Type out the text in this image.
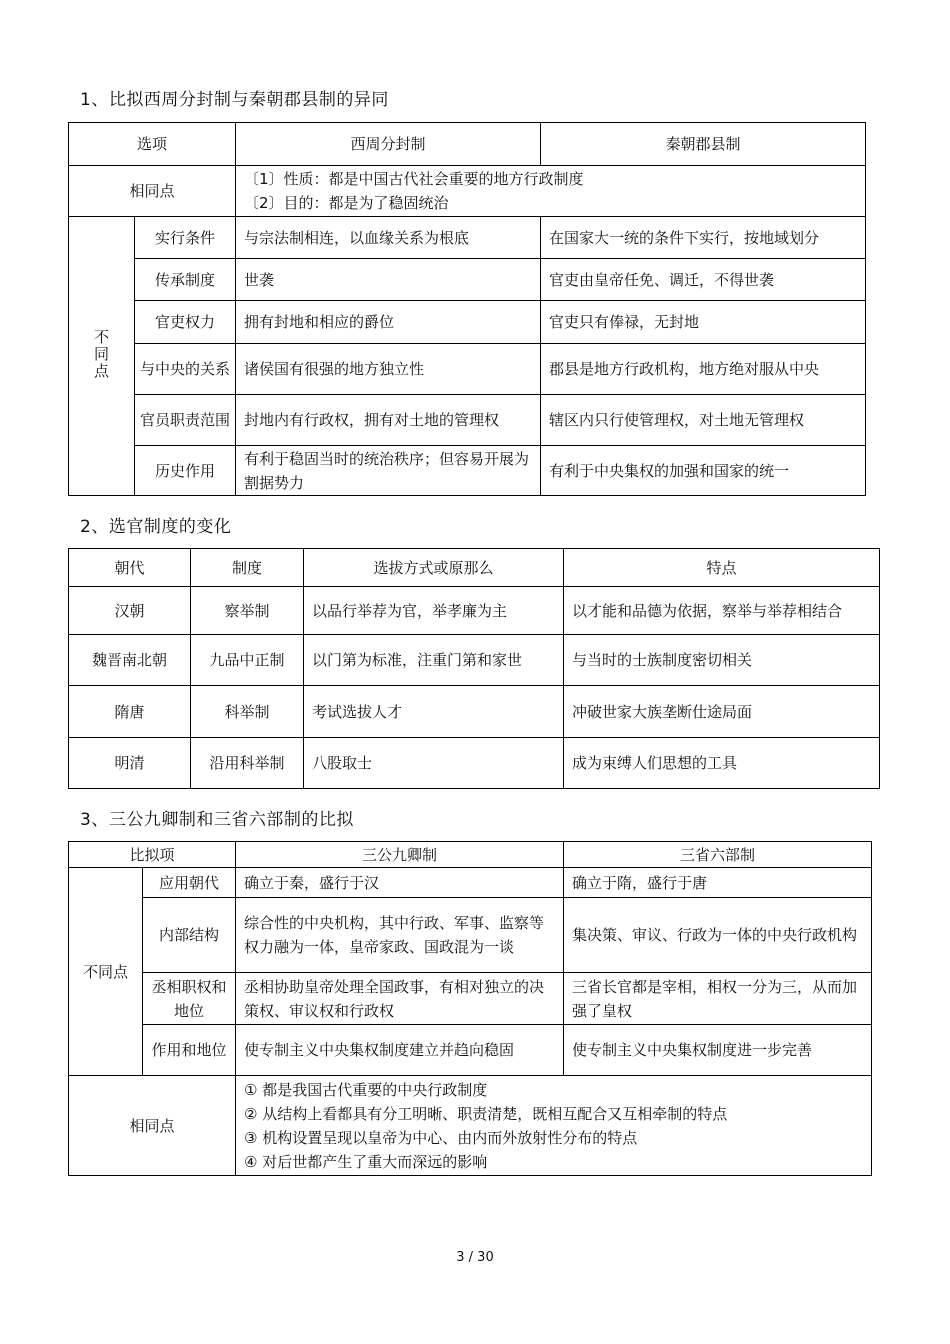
1、比拟西周分封制与秦朝郡县制的异同
选项		西周分封制	秦朝郡县制
相同点		〔1〕性质：都是中国古代社会重要的地方行政制度
〔2〕目的：都是为了稳固统治	

不同点	实行条件	与宗法制相连，以血缘关系为根底	在国家大一统的条件下实行，按地域划分
	传承制度	世袭	官吏由皇帝任免、调迁，不得世袭
	官吏权力	拥有封地和相应的爵位	官吏只有俸禄，无封地
	与中央的关系	诸侯国有很强的地方独立性	郡县是地方行政机构，地方绝对服从中央
	官员职责范围	封地内有行政权，拥有对土地的管理权	辖区内只行使管理权，对土地无管理权
	历史作用	有利于稳固当时的统治秩序；但容易开展为割据势力	有利于中央集权的加强和国家的统一
2、选官制度的变化
朝代	制度	选拔方式或原那么	特点
汉朝	察举制	以品行举荐为官，举孝廉为主	以才能和品德为依据，察举与举荐相结合
魏晋南北朝	九品中正制	以门第为标准，注重门第和家世	与当时的士族制度密切相关
隋唐	科举制	考试选拔人才	冲破世家大族垄断仕途局面
明清	沿用科举制	八股取士	成为束缚人们思想的工具
3、三公九卿制和三省六部制的比拟
比拟项		三公九卿制	三省六部制
不同点	应用朝代	确立于秦，盛行于汉	确立于隋，盛行于唐
	内部结构	综合性的中央机构，其中行政、军事、监察等权力融为一体，皇帝家政、国政混为一谈	集决策、审议、行政为一体的中央行政机构
	丞相职权和地位	丞相协助皇帝处理全国政事，有相对独立的决策权、审议权和行政权	三省长官都是宰相，相权一分为三，从而加强了皇权
	作用和地位	使专制主义中央集权制度建立并趋向稳固	使专制主义中央集权制度进一步完善
相同点		① 都是我国古代重要的中央行政制度
② 从结构上看都具有分工明晰、职责清楚，既相互配合又互相牵制的特点
③ 机构设置呈现以皇帝为中心、由内而外放射性分布的特点
④ 对后世都产生了重大而深远的影响	
3 / 30
